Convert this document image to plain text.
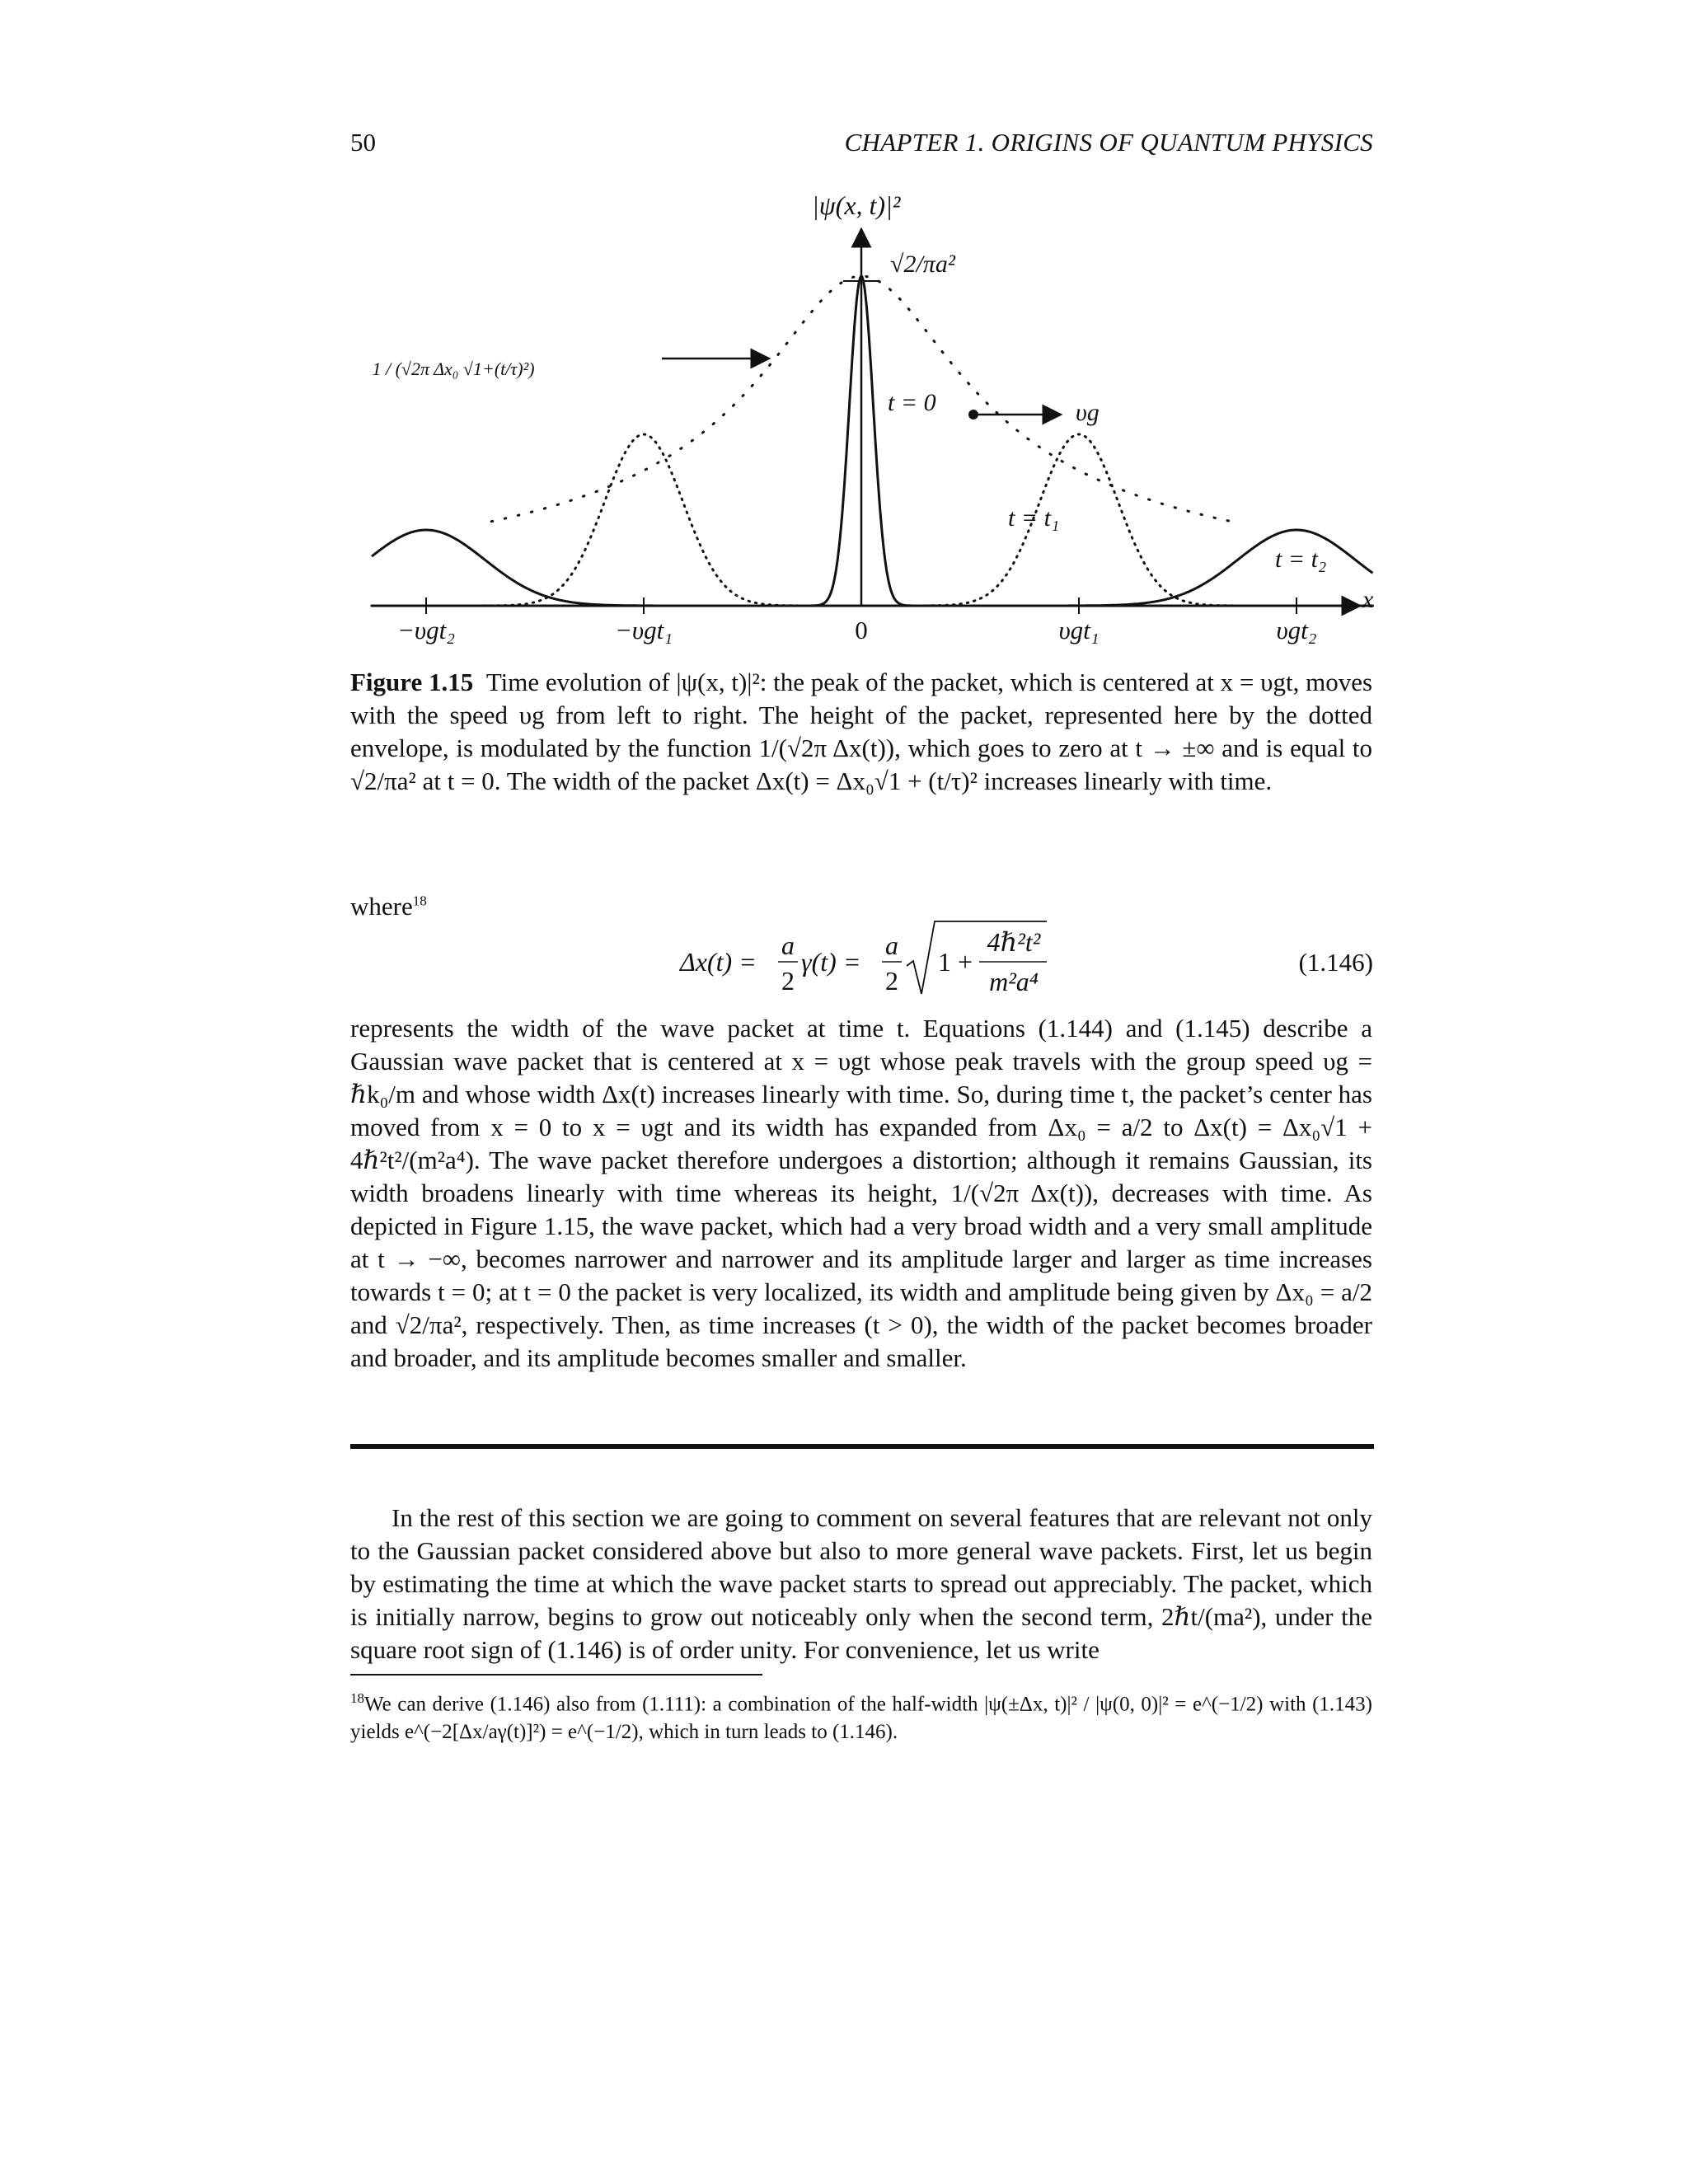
50	CHAPTER 1. ORIGINS OF QUANTUM PHYSICS
−υgt₂	−υgt₁	0	υgt₁	υgt₂
|ψ(x, t)|²
√2/πa²
1 / (√2π Δx₀ √1+(t/τ)²)
t = 0	υg
t = t₁
t = t₂
x
Figure 1.15 Time evolution of |ψ(x, t)|²: the peak of the packet, which is centered at x = υgt, moves with the speed υg from left to right. The height of the packet, represented here by the dotted envelope, is modulated by the function 1/(√2π Δx(t)), which goes to zero at t → ±∞ and is equal to √2/πa² at t = 0. The width of the packet Δx(t) = Δx₀√1 + (t/τ)² increases linearly with time.
where$^{18}$
Δx(t) =
a
2
γ(t) =
a
2
1 +
4ℏ²t²
m²a⁴
(1.146)
represents the width of the wave packet at time t. Equations (1.144) and (1.145) describe a Gaussian wave packet that is centered at x = υgt whose peak travels with the group speed υg = ℏk₀/m and whose width Δx(t) increases linearly with time. So, during time t, the packet’s center has moved from x = 0 to x = υgt and its width has expanded from Δx₀ = a/2 to Δx(t) = Δx₀√1 + 4ℏ²t²/(m²a⁴). The wave packet therefore undergoes a distortion; although it remains Gaussian, its width broadens linearly with time whereas its height, 1/(√2π Δx(t)), decreases with time. As depicted in Figure 1.15, the wave packet, which had a very broad width and a very small amplitude at t → −∞, becomes narrower and narrower and its amplitude larger and larger as time increases towards t = 0; at t = 0 the packet is very localized, its width and amplitude being given by Δx₀ = a/2 and √2/πa², respectively. Then, as time increases (t > 0), the width of the packet becomes broader and broader, and its amplitude becomes smaller and smaller.
In the rest of this section we are going to comment on several features that are relevant not only to the Gaussian packet considered above but also to more general wave packets. First, let us begin by estimating the time at which the wave packet starts to spread out appreciably. The packet, which is initially narrow, begins to grow out noticeably only when the second term, 2ℏt/(ma²), under the square root sign of (1.146) is of order unity. For convenience, let us write
$^{18}$We can derive (1.146) also from (1.111): a combination of the half-width |ψ(±Δx, t)|² / |ψ(0, 0)|² = e^(−1/2) with (1.143) yields e^(−2[Δx/aγ(t)]²) = e^(−1/2), which in turn leads to (1.146).
